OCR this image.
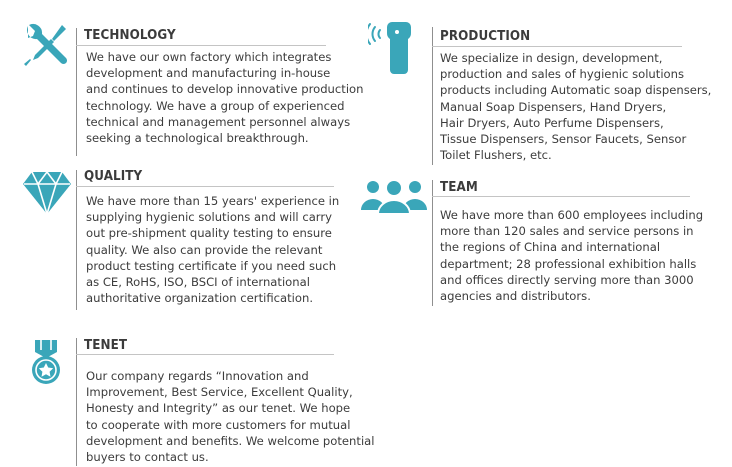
TECHNOLOGY
We have our own factory which integrates
development and manufacturing in-house
and continues to develop innovative production
technology. We have a group of experienced
technical and management personnel always
seeking a technological breakthrough.
PRODUCTION
We specialize in design, development,
production and sales of hygienic solutions
products including Automatic soap dispensers,
Manual Soap Dispensers, Hand Dryers,
Hair Dryers, Auto Perfume Dispensers,
Tissue Dispensers, Sensor Faucets, Sensor
Toilet Flushers, etc.
QUALITY
We have more than 15 years' experience in
supplying hygienic solutions and will carry
out pre-shipment quality testing to ensure
quality. We also can provide the relevant
product testing certificate if you need such
as CE, RoHS, ISO, BSCI of international
authoritative organization certification.
TEAM
We have more than 600 employees including
more than 120 sales and service persons in
the regions of China and international
department; 28 professional exhibition halls
and offices directly serving more than 3000
agencies and distributors.
TENET
Our company regards “Innovation and
Improvement, Best Service, Excellent Quality,
Honesty and Integrity” as our tenet. We hope
to cooperate with more customers for mutual
development and benefits. We welcome potential
buyers to contact us.
